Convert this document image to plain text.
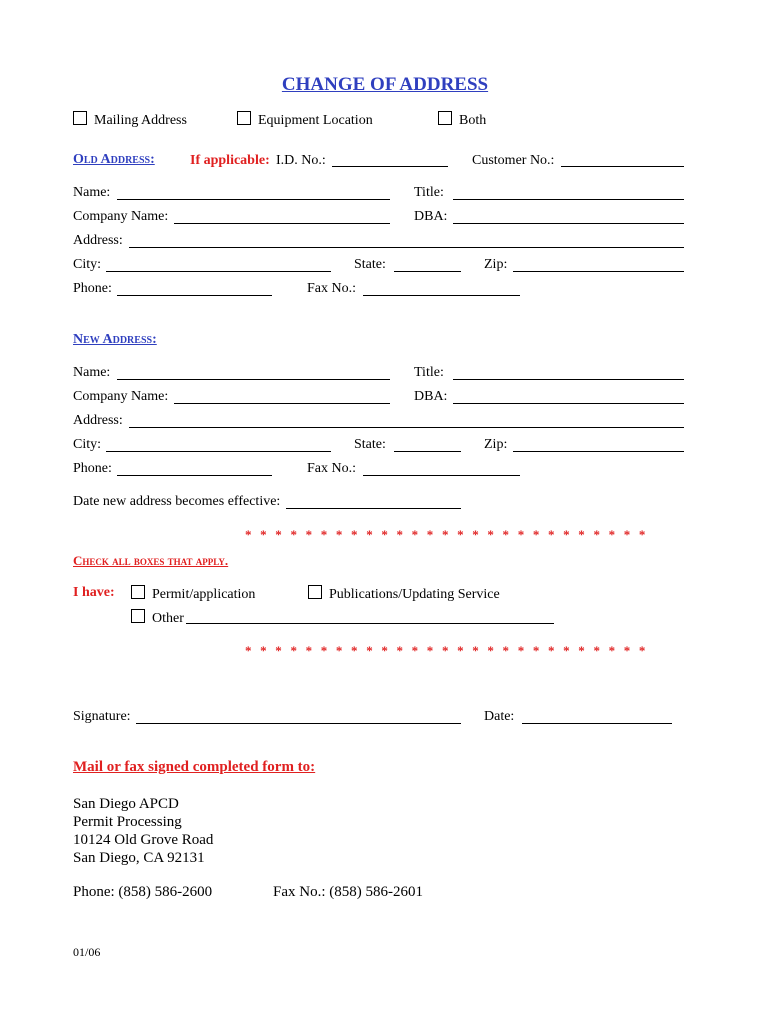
CHANGE OF ADDRESS
Mailing Address	Equipment Location	Both
Old Address:	If applicable: I.D. No.:	Customer No.:
Name:	Title:
Company Name:	DBA:
Address:
City:	State:	Zip:
Phone:	Fax No.:
New Address:
Name:	Title:
Company Name:	DBA:
Address:
City:	State:	Zip:
Phone:	Fax No.:
Date new address becomes effective:
* * * * * * * * * * * * * * * * * * * * * * * * * * *
Check all boxes that apply.
I have:	Permit/application	Publications/Updating Service
Other
* * * * * * * * * * * * * * * * * * * * * * * * * * *
Signature:	Date:
Mail or fax signed completed form to:
San Diego APCD
Permit Processing
10124 Old Grove Road
San Diego, CA 92131
Phone: (858) 586-2600	Fax No.: (858) 586-2601
01/06
